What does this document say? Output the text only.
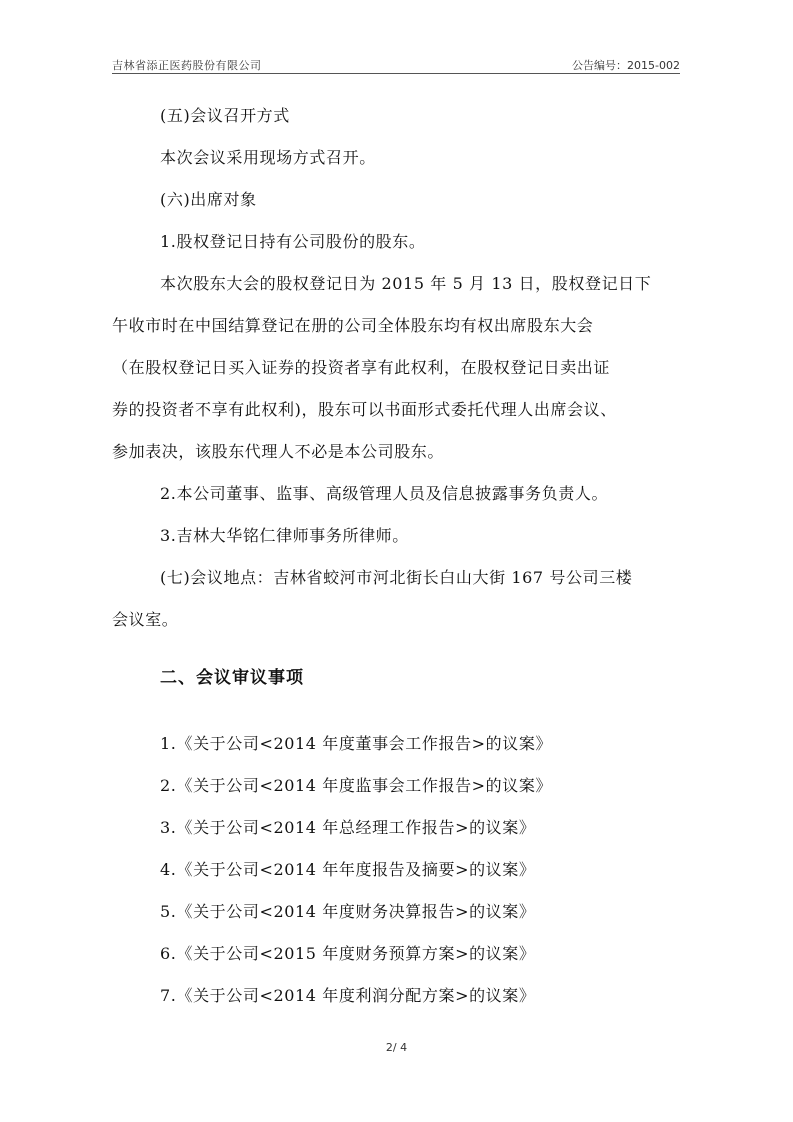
吉林省添正医药股份有限公司	公告编号：2015-002
(五)会议召开方式
本次会议采用现场方式召开。
(六)出席对象
1.股权登记日持有公司股份的股东。
本次股东大会的股权登记日为 2015 年 5 月 13 日，股权登记日下
午收市时在中国结算登记在册的公司全体股东均有权出席股东大会
（在股权登记日买入证券的投资者享有此权利，在股权登记日卖出证
券的投资者不享有此权利)，股东可以书面形式委托代理人出席会议、
参加表决，该股东代理人不必是本公司股东。
2.本公司董事、监事、高级管理人员及信息披露事务负责人。
3.吉林大华铭仁律师事务所律师。
(七)会议地点：吉林省蛟河市河北街长白山大街 167 号公司三楼
会议室。
二、会议审议事项
1.《关于公司<2014 年度董事会工作报告>的议案》
2.《关于公司<2014 年度监事会工作报告>的议案》
3.《关于公司<2014 年总经理工作报告>的议案》
4.《关于公司<2014 年年度报告及摘要>的议案》
5.《关于公司<2014 年度财务决算报告>的议案》
6.《关于公司<2015 年度财务预算方案>的议案》
7.《关于公司<2014 年度利润分配方案>的议案》
2/ 4
